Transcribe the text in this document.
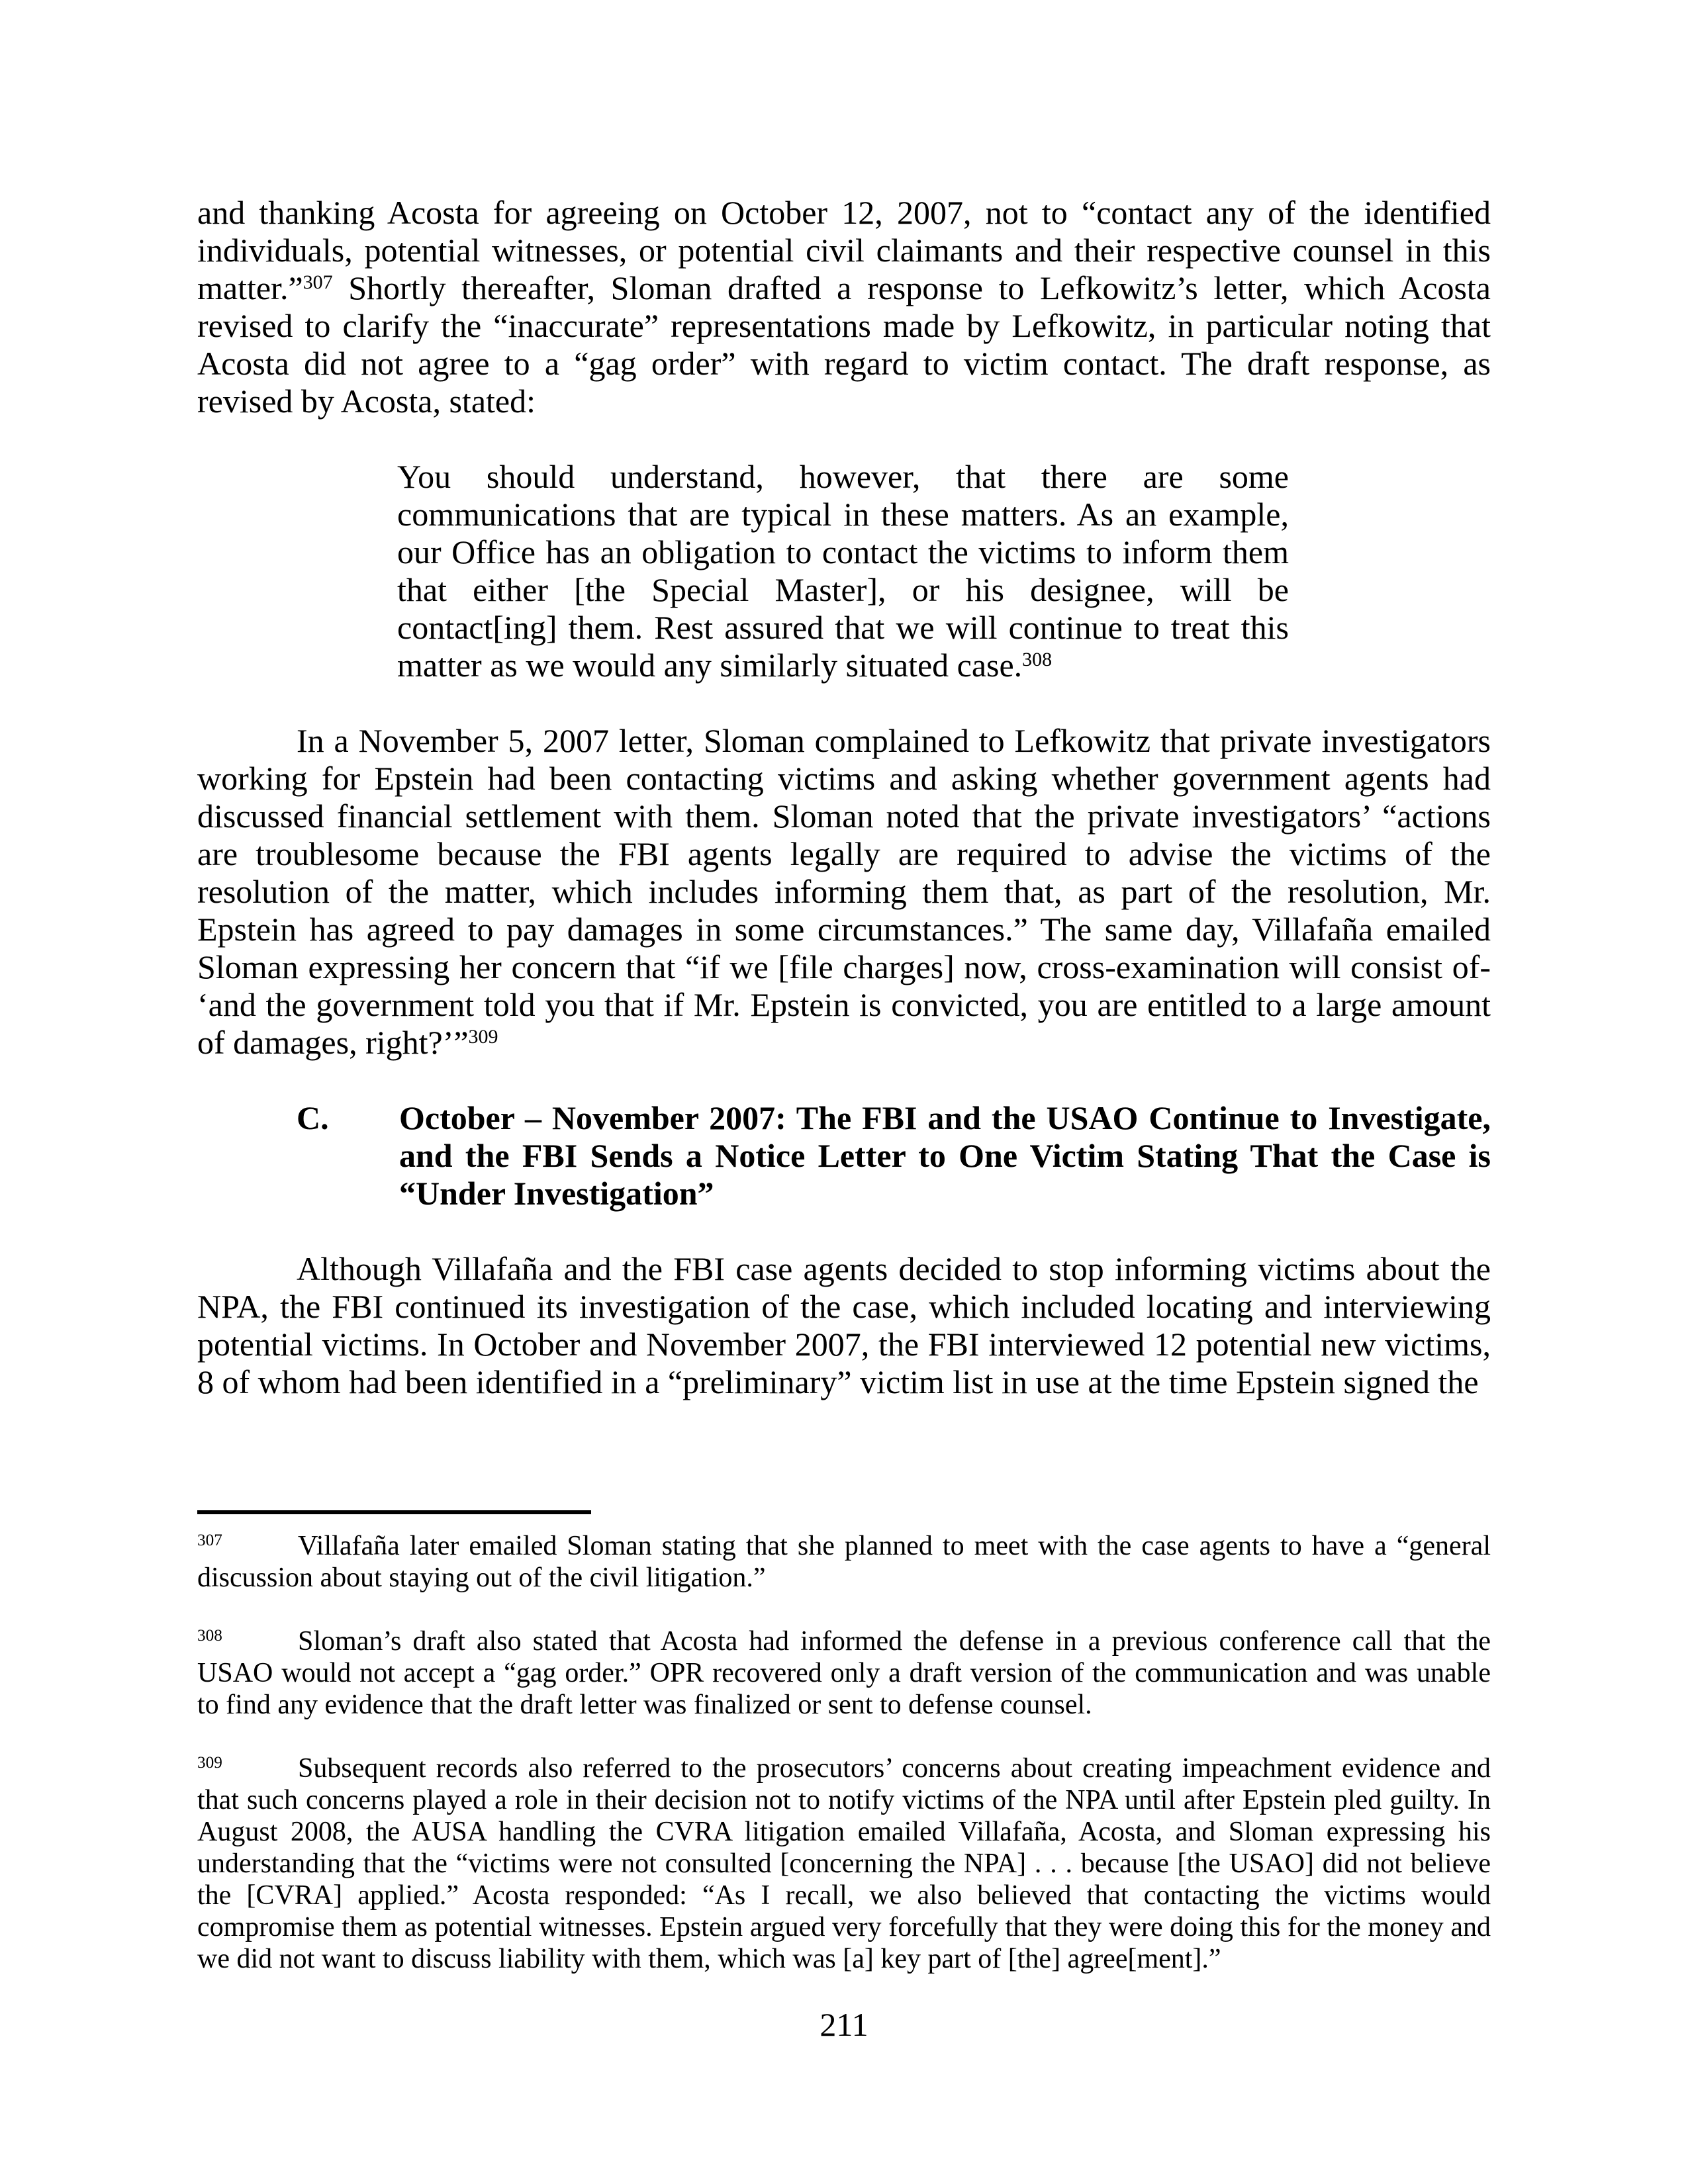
and thanking Acosta for agreeing on October 12, 2007, not to “contact any of the identified individuals, potential witnesses, or potential civil claimants and their respective counsel in this matter.”$^{307}$ Shortly thereafter, Sloman drafted a response to Lefkowitz’s letter, which Acosta revised to clarify the “inaccurate” representations made by Lefkowitz, in particular noting that Acosta did not agree to a “gag order” with regard to victim contact. The draft response, as revised by Acosta, stated:

You should understand, however, that there are some communications that are typical in these matters. As an example, our Office has an obligation to contact the victims to inform them that either [the Special Master], or his designee, will be contact[ing] them. Rest assured that we will continue to treat this matter as we would any similarly situated case.$^{308}$

In a November 5, 2007 letter, Sloman complained to Lefkowitz that private investigators working for Epstein had been contacting victims and asking whether government agents had discussed financial settlement with them. Sloman noted that the private investigators’ “actions are troublesome because the FBI agents legally are required to advise the victims of the resolution of the matter, which includes informing them that, as part of the resolution, Mr. Epstein has agreed to pay damages in some circumstances.” The same day, Villafaña emailed Sloman expressing her concern that “if we [file charges] now, cross-examination will consist of- ‘and the government told you that if Mr. Epstein is convicted, you are entitled to a large amount of damages, right?’”$^{309}$

C.	October – November 2007: The FBI and the USAO Continue to Investigate, and the FBI Sends a Notice Letter to One Victim Stating That the Case is “Under Investigation”

Although Villafaña and the FBI case agents decided to stop informing victims about the NPA, the FBI continued its investigation of the case, which included locating and interviewing potential victims. In October and November 2007, the FBI interviewed 12 potential new victims, 8 of whom had been identified in a “preliminary” victim list in use at the time Epstein signed the

$^{307}$	Villafaña later emailed Sloman stating that she planned to meet with the case agents to have a “general discussion about staying out of the civil litigation.”

$^{308}$	Sloman’s draft also stated that Acosta had informed the defense in a previous conference call that the USAO would not accept a “gag order.” OPR recovered only a draft version of the communication and was unable to find any evidence that the draft letter was finalized or sent to defense counsel.

$^{309}$	Subsequent records also referred to the prosecutors’ concerns about creating impeachment evidence and that such concerns played a role in their decision not to notify victims of the NPA until after Epstein pled guilty. In August 2008, the AUSA handling the CVRA litigation emailed Villafaña, Acosta, and Sloman expressing his understanding that the “victims were not consulted [concerning the NPA] . . . because [the USAO] did not believe the [CVRA] applied.” Acosta responded: “As I recall, we also believed that contacting the victims would compromise them as potential witnesses. Epstein argued very forcefully that they were doing this for the money and we did not want to discuss liability with them, which was [a] key part of [the] agree[ment].”

211
